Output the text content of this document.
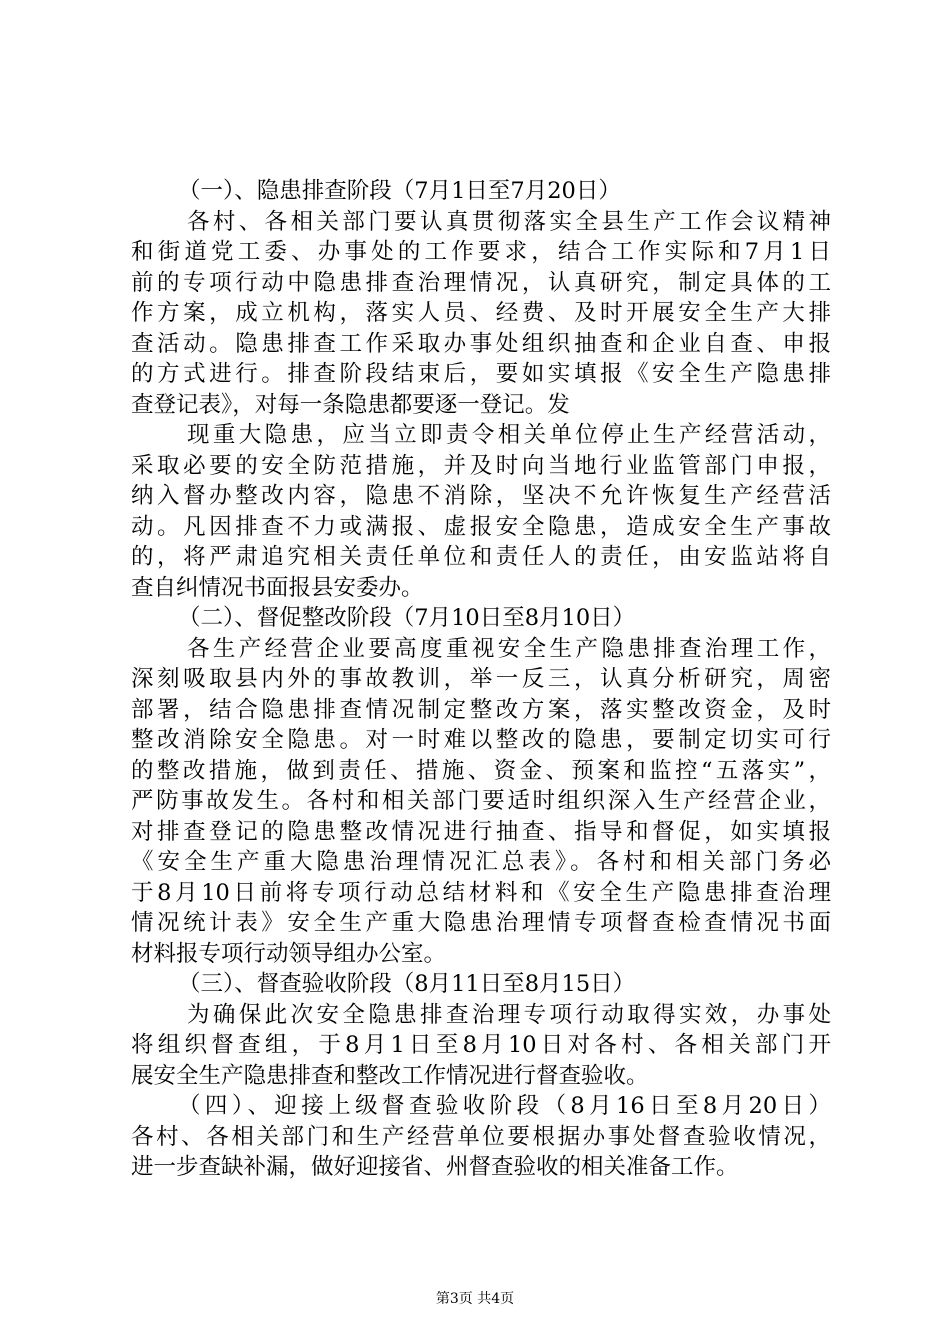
（一）、隐患排查阶段（7月1日至7月20日）
各村、各相关部门要认真贯彻落实全县生产工作会议精神
和街道党工委、办事处的工作要求，结合工作实际和7月1日
前的专项行动中隐患排查治理情况，认真研究，制定具体的工
作方案，成立机构，落实人员、经费、及时开展安全生产大排
查活动。隐患排查工作采取办事处组织抽查和企业自查、申报
的方式进行。排查阶段结束后，要如实填报《安全生产隐患排
查登记表》，对每一条隐患都要逐一登记。发
现重大隐患，应当立即责令相关单位停止生产经营活动，
采取必要的安全防范措施，并及时向当地行业监管部门申报，
纳入督办整改内容，隐患不消除，坚决不允许恢复生产经营活
动。凡因排查不力或满报、虚报安全隐患，造成安全生产事故
的，将严肃追究相关责任单位和责任人的责任，由安监站将自
查自纠情况书面报县安委办。
（二）、督促整改阶段（7月10日至8月10日）
各生产经营企业要高度重视安全生产隐患排查治理工作，
深刻吸取县内外的事故教训，举一反三，认真分析研究，周密
部署，结合隐患排查情况制定整改方案，落实整改资金，及时
整改消除安全隐患。对一时难以整改的隐患，要制定切实可行
的整改措施，做到责任、措施、资金、预案和监控“五落实”，
严防事故发生。各村和相关部门要适时组织深入生产经营企业，
对排查登记的隐患整改情况进行抽查、指导和督促，如实填报
《安全生产重大隐患治理情况汇总表》。各村和相关部门务必
于8月10日前将专项行动总结材料和《安全生产隐患排查治理
情况统计表》安全生产重大隐患治理情专项督查检查情况书面
材料报专项行动领导组办公室。
（三）、督查验收阶段（8月11日至8月15日）
为确保此次安全隐患排查治理专项行动取得实效，办事处
将组织督查组，于8月1日至8月10日对各村、各相关部门开
展安全生产隐患排查和整改工作情况进行督查验收。
（四）、迎接上级督查验收阶段（8月16日至8月20日）
各村、各相关部门和生产经营单位要根据办事处督查验收情况，
进一步查缺补漏，做好迎接省、州督查验收的相关准备工作。
第3页 共4页
